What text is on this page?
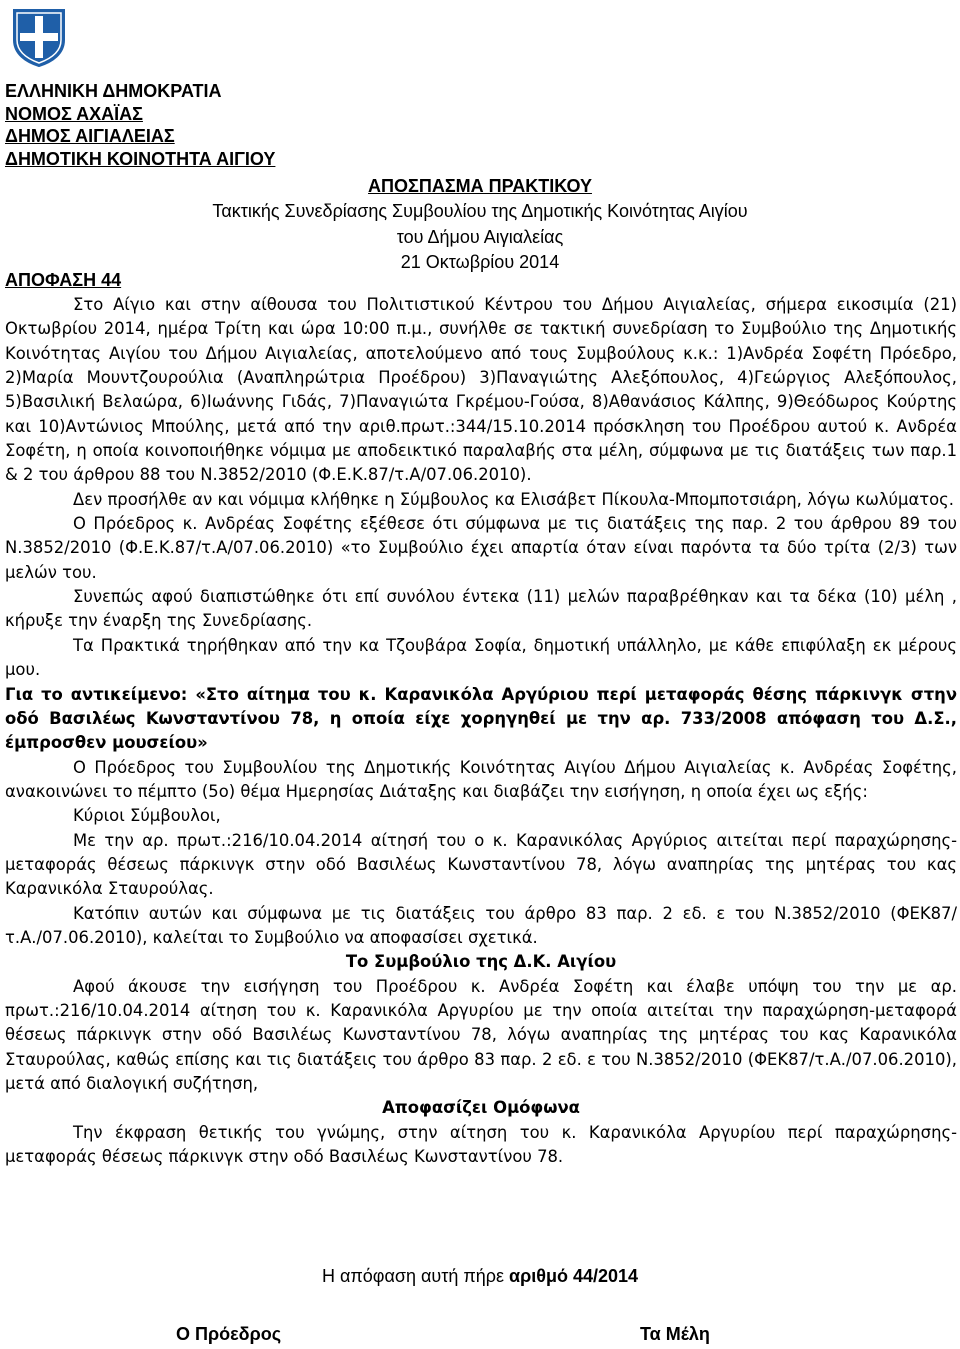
ΕΛΛΗΝΙΚΗ ΔΗΜΟΚΡΑΤΙΑ
ΝΟΜΟΣ ΑΧΑΪΑΣ
ΔΗΜΟΣ ΑΙΓΙΑΛΕΙΑΣ
ΔΗΜΟΤΙΚΗ ΚΟΙΝΟΤΗΤΑ ΑΙΓΙΟΥ
ΑΠΟΣΠΑΣΜΑ ΠΡΑΚΤΙΚΟΥ
Τακτικής Συνεδρίασης Συμβουλίου της Δημοτικής Κοινότητας Αιγίου
του Δήμου Αιγιαλείας
21 Οκτωβρίου 2014
ΑΠΟΦΑΣΗ 44

Στο Αίγιο και στην αίθουσα του Πολιτιστικού Κέντρου του Δήμου Αιγιαλείας, σήμερα εικοσιμία (21) Οκτωβρίου 2014, ημέρα Τρίτη και ώρα 10:00 π.μ., συνήλθε σε τακτική συνεδρίαση το Συμβούλιο της Δημοτικής Κοινότητας Αιγίου του Δήμου Αιγιαλείας, αποτελούμενο από τους Συμβούλους κ.κ.: 1)Ανδρέα Σοφέτη Πρόεδρο, 2)Μαρία Μουντζουρούλια (Αναπληρώτρια Προέδρου) 3)Παναγιώτης Αλεξόπουλος, 4)Γεώργιος Αλεξόπουλος, 5)Βασιλική Βελαώρα, 6)Ιωάννης Γιδάς, 7)Παναγιώτα Γκρέμου-Γούσα, 8)Αθανάσιος Κάλπης, 9)Θεόδωρος Κούρτης και 10)Αντώνιος Μπούλης, μετά από την αριθ.πρωτ.:344/15.10.2014 πρόσκληση του Προέδρου αυτού κ. Ανδρέα Σοφέτη, η οποία κοινοποιήθηκε νόμιμα με αποδεικτικό παραλαβής στα μέλη, σύμφωνα με τις διατάξεις των παρ.1 & 2 του άρθρου 88 του Ν.3852/2010 (Φ.Ε.Κ.87/τ.Α/07.06.2010).

Δεν προσήλθε αν και νόμιμα κλήθηκε η Σύμβουλος κα Ελισάβετ Πίκουλα-Μπομποτσιάρη, λόγω κωλύματος.

Ο Πρόεδρος κ. Ανδρέας Σοφέτης εξέθεσε ότι σύμφωνα με τις διατάξεις της παρ. 2 του άρθρου 89 του Ν.3852/2010 (Φ.Ε.Κ.87/τ.Α/07.06.2010) «το Συμβούλιο έχει απαρτία όταν είναι παρόντα τα δύο τρίτα (2/3) των μελών του.

Συνεπώς αφού διαπιστώθηκε ότι επί συνόλου έντεκα (11) μελών παραβρέθηκαν και τα δέκα (10) μέλη , κήρυξε την έναρξη της Συνεδρίασης.

Τα Πρακτικά τηρήθηκαν από την κα Τζουβάρα Σοφία, δημοτική υπάλληλο, με κάθε επιφύλαξη εκ μέρους μου.

Για το αντικείμενο: «Στο αίτημα του κ. Καρανικόλα Αργύριου περί μεταφοράς θέσης πάρκινγκ στην οδό Βασιλέως Κωνσταντίνου 78, η οποία είχε χορηγηθεί με την αρ. 733/2008 απόφαση του Δ.Σ., έμπροσθεν μουσείου»

Ο Πρόεδρος του Συμβουλίου της Δημοτικής Κοινότητας Αιγίου Δήμου Αιγιαλείας κ. Ανδρέας Σοφέτης, ανακοινώνει το πέμπτο (5ο) θέμα Ημερησίας Διάταξης και διαβάζει την εισήγηση, η οποία έχει ως εξής:

Κύριοι Σύμβουλοι,

Με την αρ. πρωτ.:216/10.04.2014 αίτησή του ο κ. Καρανικόλας Αργύριος αιτείται περί παραχώρησης-μεταφοράς θέσεως πάρκινγκ στην οδό Βασιλέως Κωνσταντίνου 78, λόγω αναπηρίας της μητέρας του κας Καρανικόλα Σταυρούλας.

Κατόπιν αυτών και σύμφωνα με τις διατάξεις του άρθρο 83 παρ. 2 εδ. ε του Ν.3852/2010 (ΦΕΚ87/τ.Α./07.06.2010), καλείται το Συμβούλιο να αποφασίσει σχετικά.

Το Συμβούλιο της Δ.Κ. Αιγίου

Αφού άκουσε την εισήγηση του Προέδρου κ. Ανδρέα Σοφέτη και έλαβε υπόψη του την με αρ. πρωτ.:216/10.04.2014 αίτηση του κ. Καρανικόλα Αργυρίου με την οποία αιτείται την παραχώρηση-μεταφορά θέσεως πάρκινγκ στην οδό Βασιλέως Κωνσταντίνου 78, λόγω αναπηρίας της μητέρας του κας Καρανικόλα Σταυρούλας, καθώς επίσης και τις διατάξεις του άρθρο 83 παρ. 2 εδ. ε του Ν.3852/2010 (ΦΕΚ87/τ.Α./07.06.2010), μετά από διαλογική συζήτηση,

Αποφασίζει Ομόφωνα

Την έκφραση θετικής του γνώμης, στην αίτηση του κ. Καρανικόλα Αργυρίου περί παραχώρησης-μεταφοράς θέσεως πάρκινγκ στην οδό Βασιλέως Κωνσταντίνου 78.

Η απόφαση αυτή πήρε αριθμό 44/2014
Ο Πρόεδρος	Τα Μέλη
